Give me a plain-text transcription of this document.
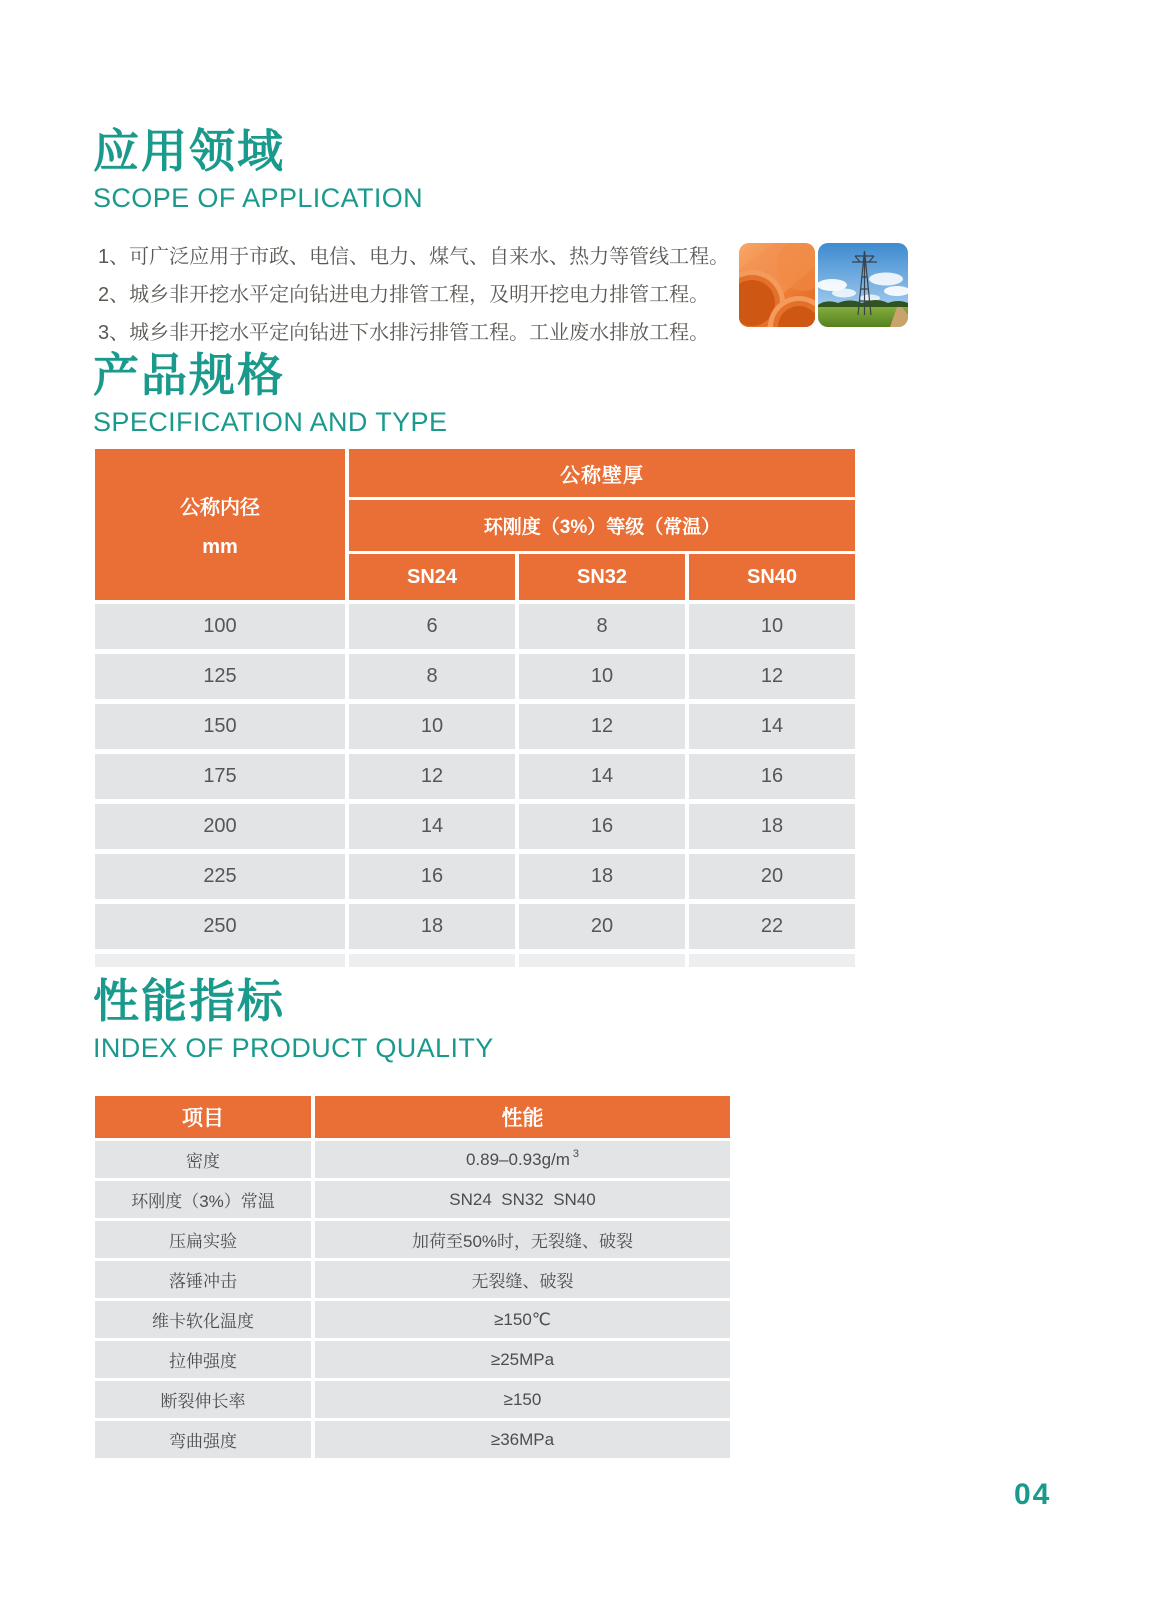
应用领域
SCOPE OF APPLICATION
1、可广泛应用于市政、电信、电力、煤气、自来水、热力等管线工程。
2、城乡非开挖水平定向钻进电力排管工程，及明开挖电力排管工程。
3、城乡非开挖水平定向钻进下水排污排管工程。工业废水排放工程。
产品规格
SPECIFICATION AND TYPE
公称内径
mm
公称壁厚
环刚度（3%）等级（常温）
SN24	SN32	SN40
100	6	8	10
125	8	10	12
150	10	12	14
175	12	14	16
200	14	16	18
225	16	18	20
250	18	20	22
性能指标
INDEX OF PRODUCT QUALITY
项目	性能
密度	0.89–0.93g/m $^3$
环刚度（3%）常温	SN24  SN32  SN40
压扁实验	加荷至50%时，无裂缝、破裂
落锤冲击	无裂缝、破裂
维卡软化温度	≥150℃
拉伸强度	≥25MPa
断裂伸长率	≥150
弯曲强度	≥36MPa
04
